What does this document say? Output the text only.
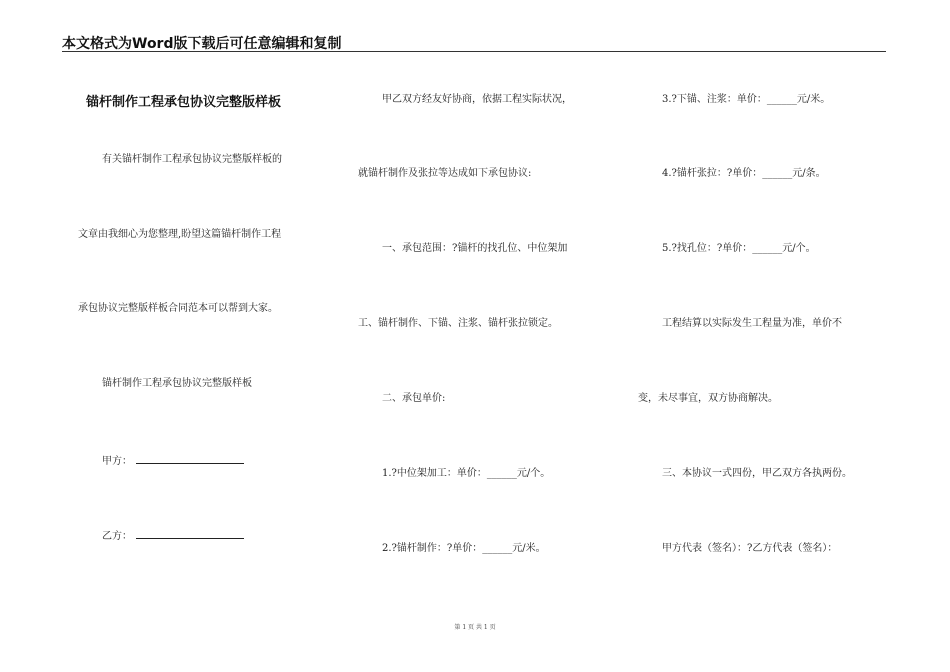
本文格式为Word版下载后可任意编辑和复制
锚杆制作工程承包协议完整版样板
有关锚杆制作工程承包协议完整版样板的
文章由我细心为您整理,盼望这篇锚杆制作工程
承包协议完整版样板合同范本可以帮到大家。
锚杆制作工程承包协议完整版样板
甲方：
乙方：
甲乙双方经友好协商，依据工程实际状况，
就锚杆制作及张拉等达成如下承包协议:
一、承包范围：?锚杆的找孔位、中位架加
工、锚杆制作、下锚、注浆、锚杆张拉锁定。
二、承包单价:
1.?中位架加工：单价：______元/个。
2.?锚杆制作：?单价：______元/米。
3.?下锚、注浆：单价：______元/米。
4.?锚杆张拉：?单价：______元/条。
5.?找孔位：?单价：______元/个。
工程结算以实际发生工程量为准，单价不
变，未尽事宜，双方协商解决。
三、本协议一式四份，甲乙双方各执两份。
甲方代表（签名）：?乙方代表（签名）：
第 1 页 共 1 页
